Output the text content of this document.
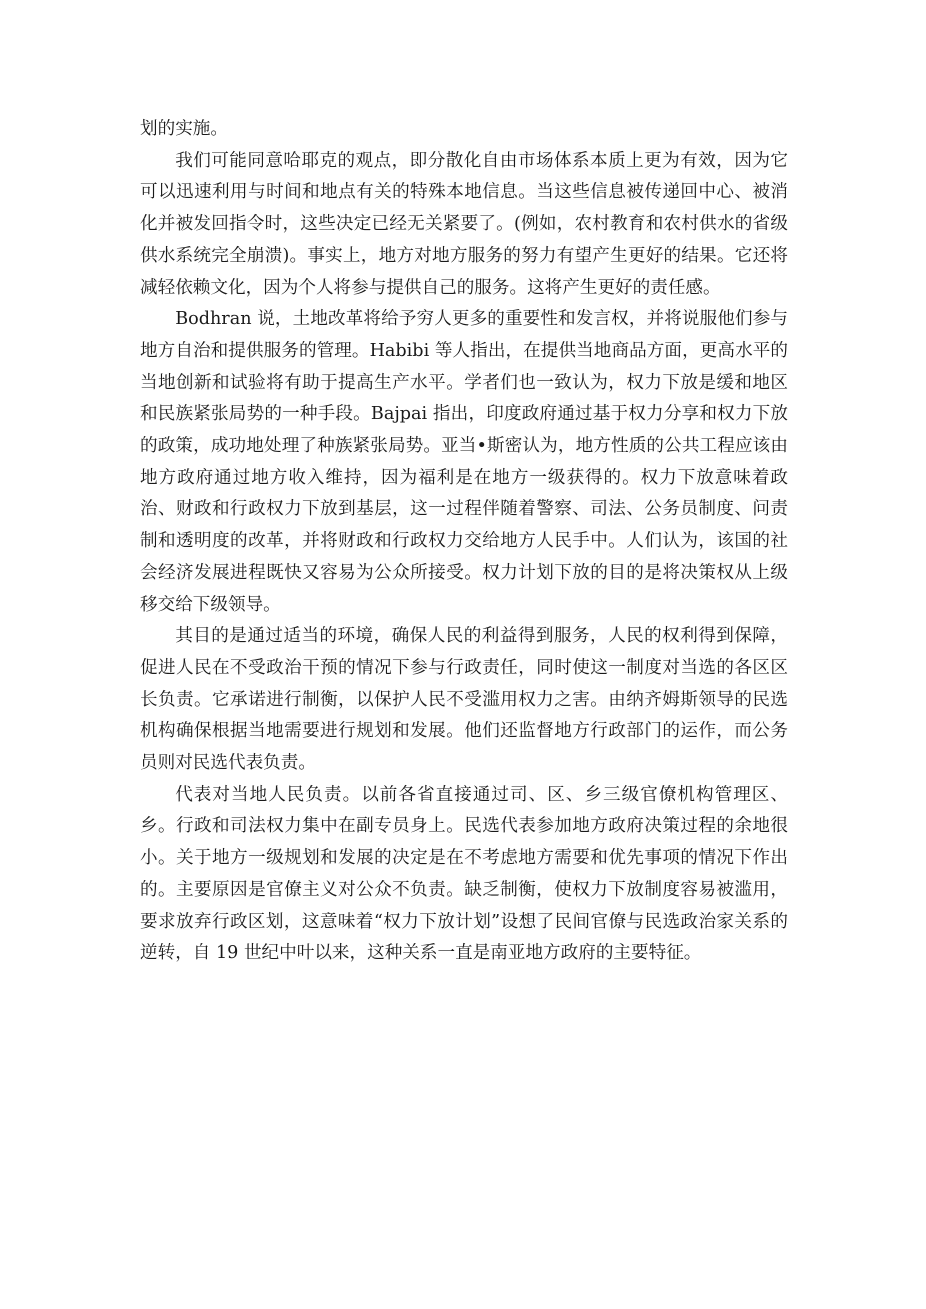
划的实施。

我们可能同意哈耶克的观点，即分散化自由市场体系本质上更为有效，因为它可以迅速利用与时间和地点有关的特殊本地信息。当这些信息被传递回中心、被消化并被发回指令时，这些决定已经无关紧要了。(例如，农村教育和农村供水的省级供水系统完全崩溃)。事实上，地方对地方服务的努力有望产生更好的结果。它还将减轻依赖文化，因为个人将参与提供自己的服务。这将产生更好的责任感。

Bodhran 说，土地改革将给予穷人更多的重要性和发言权，并将说服他们参与地方自治和提供服务的管理。Habibi 等人指出，在提供当地商品方面，更高水平的当地创新和试验将有助于提高生产水平。学者们也一致认为，权力下放是缓和地区和民族紧张局势的一种手段。Bajpai 指出，印度政府通过基于权力分享和权力下放的政策，成功地处理了种族紧张局势。亚当•斯密认为，地方性质的公共工程应该由地方政府通过地方收入维持，因为福利是在地方一级获得的。权力下放意味着政治、财政和行政权力下放到基层，这一过程伴随着警察、司法、公务员制度、问责制和透明度的改革，并将财政和行政权力交给地方人民手中。人们认为，该国的社会经济发展进程既快又容易为公众所接受。权力计划下放的目的是将决策权从上级移交给下级领导。

其目的是通过适当的环境，确保人民的利益得到服务，人民的权利得到保障，促进人民在不受政治干预的情况下参与行政责任，同时使这一制度对当选的各区区长负责。它承诺进行制衡，以保护人民不受滥用权力之害。由纳齐姆斯领导的民选机构确保根据当地需要进行规划和发展。他们还监督地方行政部门的运作，而公务员则对民选代表负责。

代表对当地人民负责。以前各省直接通过司、区、乡三级官僚机构管理区、乡。行政和司法权力集中在副专员身上。民选代表参加地方政府决策过程的余地很小。关于地方一级规划和发展的决定是在不考虑地方需要和优先事项的情况下作出的。主要原因是官僚主义对公众不负责。缺乏制衡，使权力下放制度容易被滥用，要求放弃行政区划，这意味着“权力下放计划”设想了民间官僚与民选政治家关系的逆转，自 19 世纪中叶以来，这种关系一直是南亚地方政府的主要特征。
